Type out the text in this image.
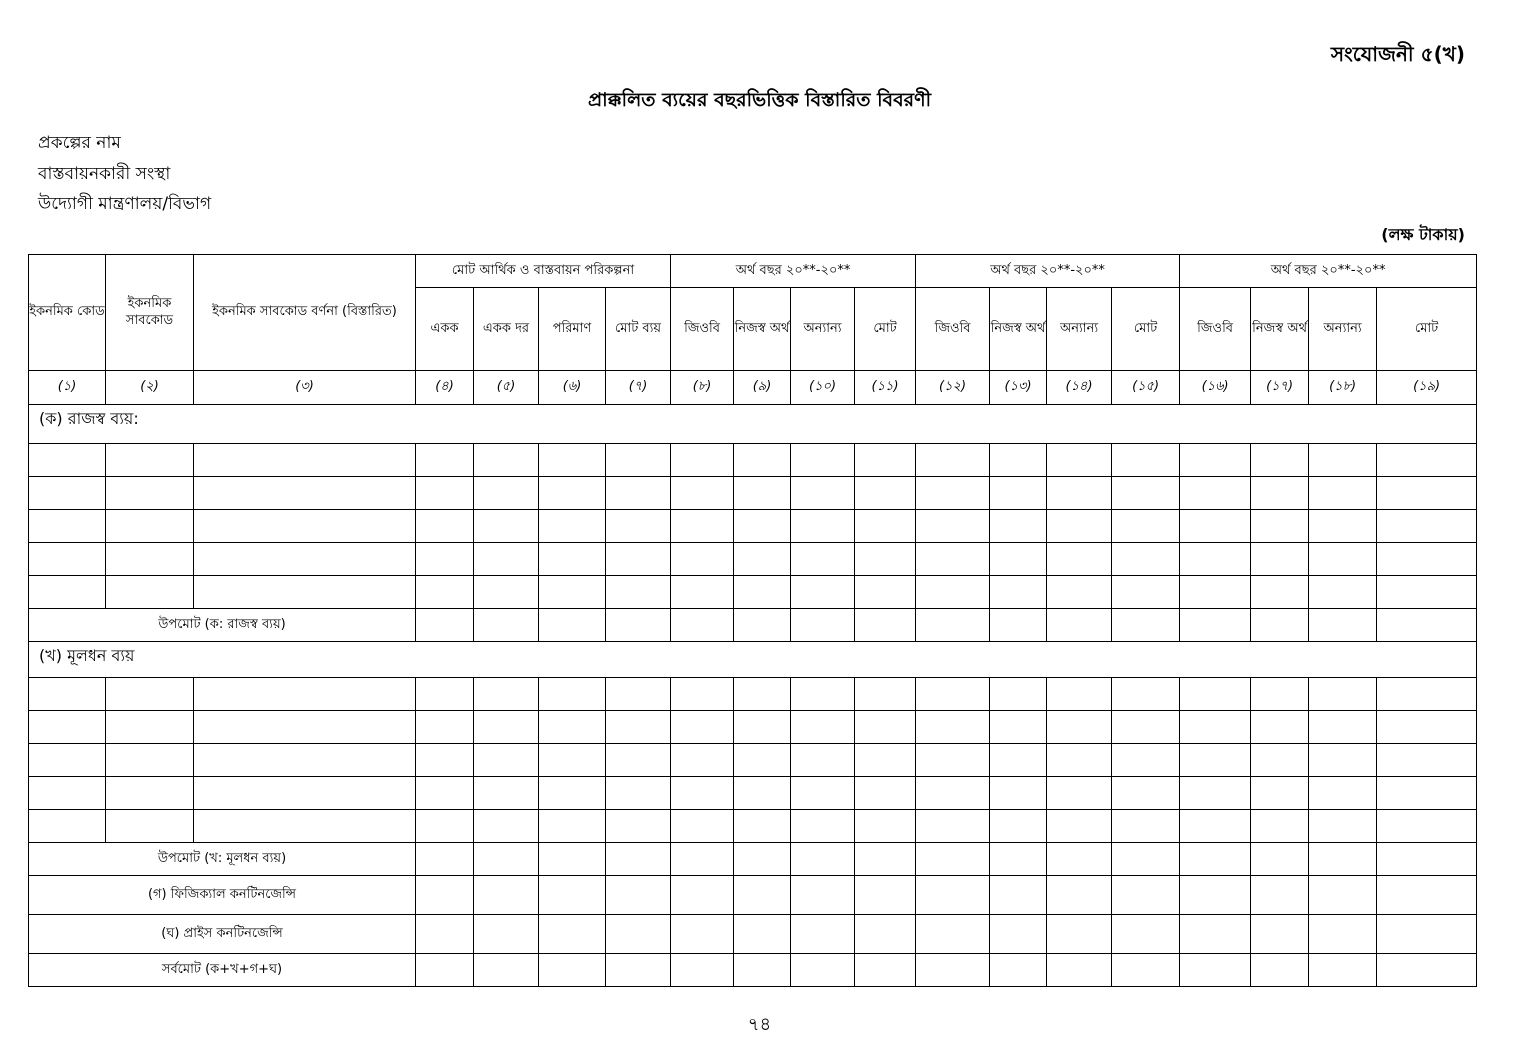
সংযোজনী ৫(খ)
প্রাক্কলিত ব্যয়ের বছরভিত্তিক বিস্তারিত বিবরণী
প্রকল্পের নাম
বাস্তবায়নকারী সংস্থা
উদ্যোগী মান্ত্রণালয়/বিভাগ
(লক্ষ টাকায়)
ইকনমিক কোড	ইকনমিক সাবকোড	ইকনমিক সাবকোড বর্ণনা (বিস্তারিত)	মোট আর্থিক ও বাস্তবায়ন পরিকল্পনা				অর্থ বছর ২০**-২০**				অর্থ বছর ২০**-২০**				অর্থ বছর ২০**-২০**			
			একক	একক দর	পরিমাণ	মোট ব্যয়	জিওবি	নিজস্ব অর্থ	অন্যান্য	মোট	জিওবি	নিজস্ব অর্থ	অন্যান্য	মোট	জিওবি	নিজস্ব অর্থ	অন্যান্য	মোট
(১)	(২)	(৩)	(৪)	(৫)	(৬)	(৭)	(৮)	(৯)	(১০)	(১১)	(১২)	(১৩)	(১৪)	(১৫)	(১৬)	(১৭)	(১৮)	(১৯)
(ক) রাজস্ব ব্যয়:																		

উপমোট (ক: রাজস্ব ব্যয়)																		
(খ) মূলধন ব্যয়																		

উপমোট (খ: মূলধন ব্যয়)																		
(গ) ফিজিক্যাল কনটিনজেন্সি																		
(ঘ) প্রাইস কনটিনজেন্সি																		
সর্বমোট (ক+খ+গ+ঘ)																		
৭৪
